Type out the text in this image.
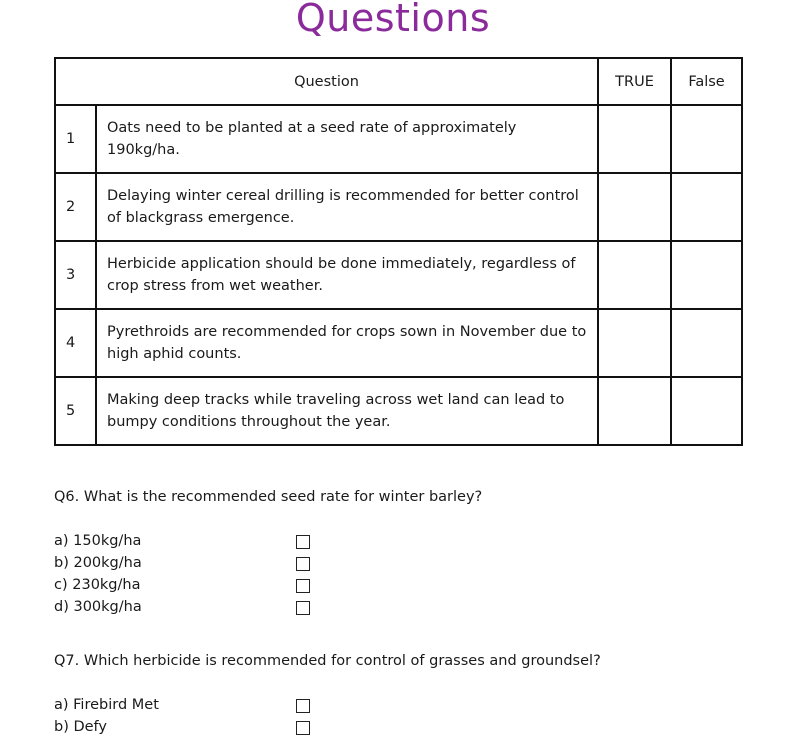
Questions
Question		TRUE	False
1	Oats need to be planted at a seed rate of approximately 190kg/ha.		
2	Delaying winter cereal drilling is recommended for better control of blackgrass emergence.		
3	Herbicide application should be done immediately, regardless of crop stress from wet weather.		
4	Pyrethroids are recommended for crops sown in November due to high aphid counts.		
5	Making deep tracks while traveling across wet land can lead to bumpy conditions throughout the year.		
Q6. What is the recommended seed rate for winter barley?
a) 150kg/ha
b) 200kg/ha
c) 230kg/ha
d) 300kg/ha
Q7. Which herbicide is recommended for control of grasses and groundsel?
a) Firebird Met
b) Defy
